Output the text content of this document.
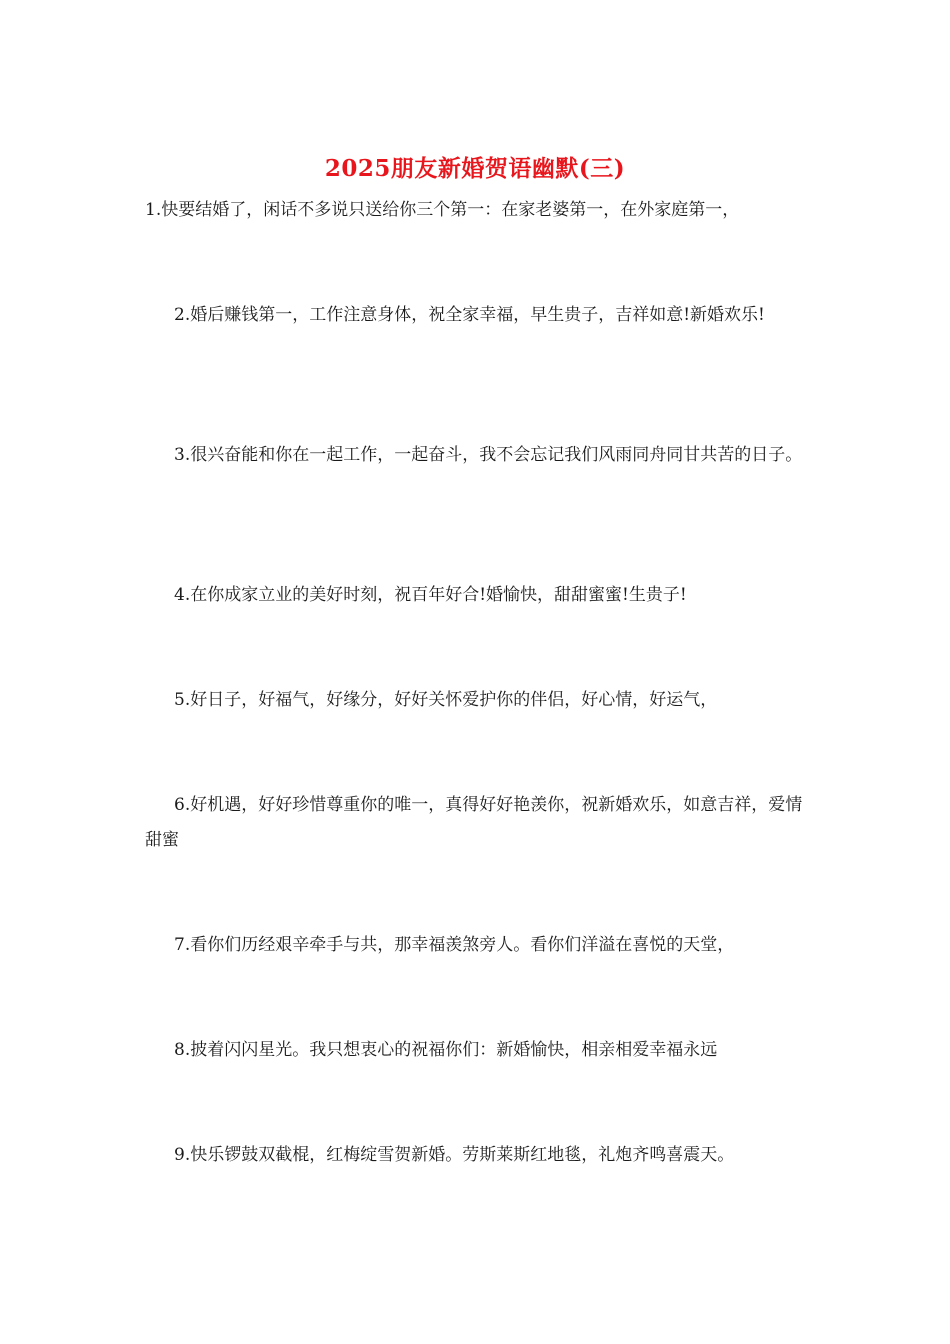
2025朋友新婚贺语幽默(三)
1.快要结婚了，闲话不多说只送给你三个第一：在家老婆第一，在外家庭第一，
2.婚后赚钱第一，工作注意身体，祝全家幸福，早生贵子，吉祥如意!新婚欢乐!
3.很兴奋能和你在一起工作，一起奋斗，我不会忘记我们风雨同舟同甘共苦的日子。
4.在你成家立业的美好时刻，祝百年好合!婚愉快，甜甜蜜蜜!生贵子!
5.好日子，好福气，好缘分，好好关怀爱护你的伴侣，好心情，好运气，
6.好机遇，好好珍惜尊重你的唯一，真得好好艳羡你，祝新婚欢乐，如意吉祥，爱情甜蜜
7.看你们历经艰辛牵手与共，那幸福羡煞旁人。看你们洋溢在喜悦的天堂，
8.披着闪闪星光。我只想衷心的祝福你们：新婚愉快，相亲相爱幸福永远
9.快乐锣鼓双截棍，红梅绽雪贺新婚。劳斯莱斯红地毯，礼炮齐鸣喜震天。
